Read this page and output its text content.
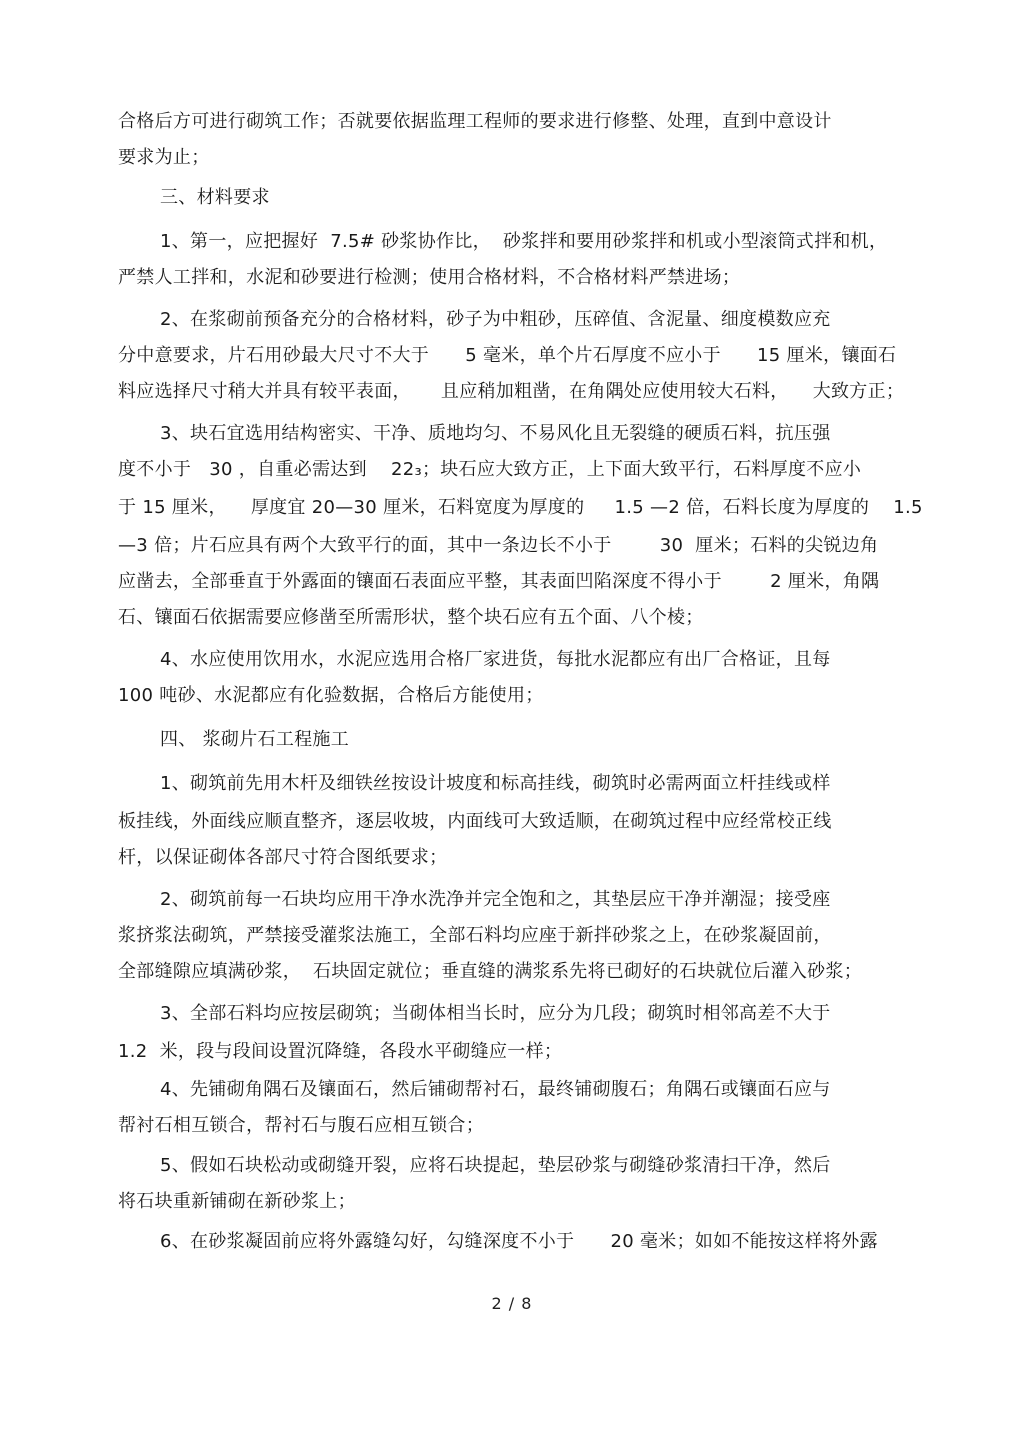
合格后方可进行砌筑工作；否就要依据监理工程师的要求进行修整、处理，直到中意设计
要求为止；
三、材料要求
1、第一，应把握好  7.5# 砂浆协作比，  砂浆拌和要用砂浆拌和机或小型滚筒式拌和机，
严禁人工拌和，水泥和砂要进行检测；使用合格材料，不合格材料严禁进场；
2、在浆砌前预备充分的合格材料，砂子为中粗砂，压碎值、含泥量、细度模数应充
分中意要求，片石用砂最大尺寸不大于      5 毫米，单个片石厚度不应小于      15 厘米，镶面石
料应选择尺寸稍大并具有较平表面，     且应稍加粗凿，在角隅处应使用较大石料，    大致方正；
3、块石宜选用结构密实、干净、质地均匀、不易风化且无裂缝的硬质石料，抗压强
度不小于   30 ，自重必需达到    22₃；块石应大致方正，上下面大致平行，石料厚度不应小
于 15 厘米，    厚度宜 20—30 厘米，石料宽度为厚度的     1.5 —2 倍，石料长度为厚度的    1.5
—3 倍；片石应具有两个大致平行的面，其中一条边长不小于        30  厘米；石料的尖锐边角
应凿去，全部垂直于外露面的镶面石表面应平整，其表面凹陷深度不得小于        2 厘米，角隅
石、镶面石依据需要应修凿至所需形状，整个块石应有五个面、八个棱；
4、水应使用饮用水，水泥应选用合格厂家进货，每批水泥都应有出厂合格证，且每
100 吨砂、水泥都应有化验数据，合格后方能使用；
四、 浆砌片石工程施工
1、砌筑前先用木杆及细铁丝按设计坡度和标高挂线，砌筑时必需两面立杆挂线或样
板挂线，外面线应顺直整齐，逐层收坡，内面线可大致适顺，在砌筑过程中应经常校正线
杆，以保证砌体各部尺寸符合图纸要求；
2、砌筑前每一石块均应用干净水洗净并完全饱和之，其垫层应干净并潮湿；接受座
浆挤浆法砌筑，严禁接受灌浆法施工，全部石料均应座于新拌砂浆之上，在砂浆凝固前，
全部缝隙应填满砂浆，  石块固定就位；垂直缝的满浆系先将已砌好的石块就位后灌入砂浆；
3、全部石料均应按层砌筑；当砌体相当长时，应分为几段；砌筑时相邻高差不大于
1.2  米，段与段间设置沉降缝，各段水平砌缝应一样；
4、先铺砌角隅石及镶面石，然后铺砌帮衬石，最终铺砌腹石；角隅石或镶面石应与
帮衬石相互锁合，帮衬石与腹石应相互锁合；
5、假如石块松动或砌缝开裂，应将石块提起，垫层砂浆与砌缝砂浆清扫干净，然后
将石块重新铺砌在新砂浆上；
6、在砂浆凝固前应将外露缝勾好，勾缝深度不小于      20 毫米；如如不能按这样将外露
2 / 8
